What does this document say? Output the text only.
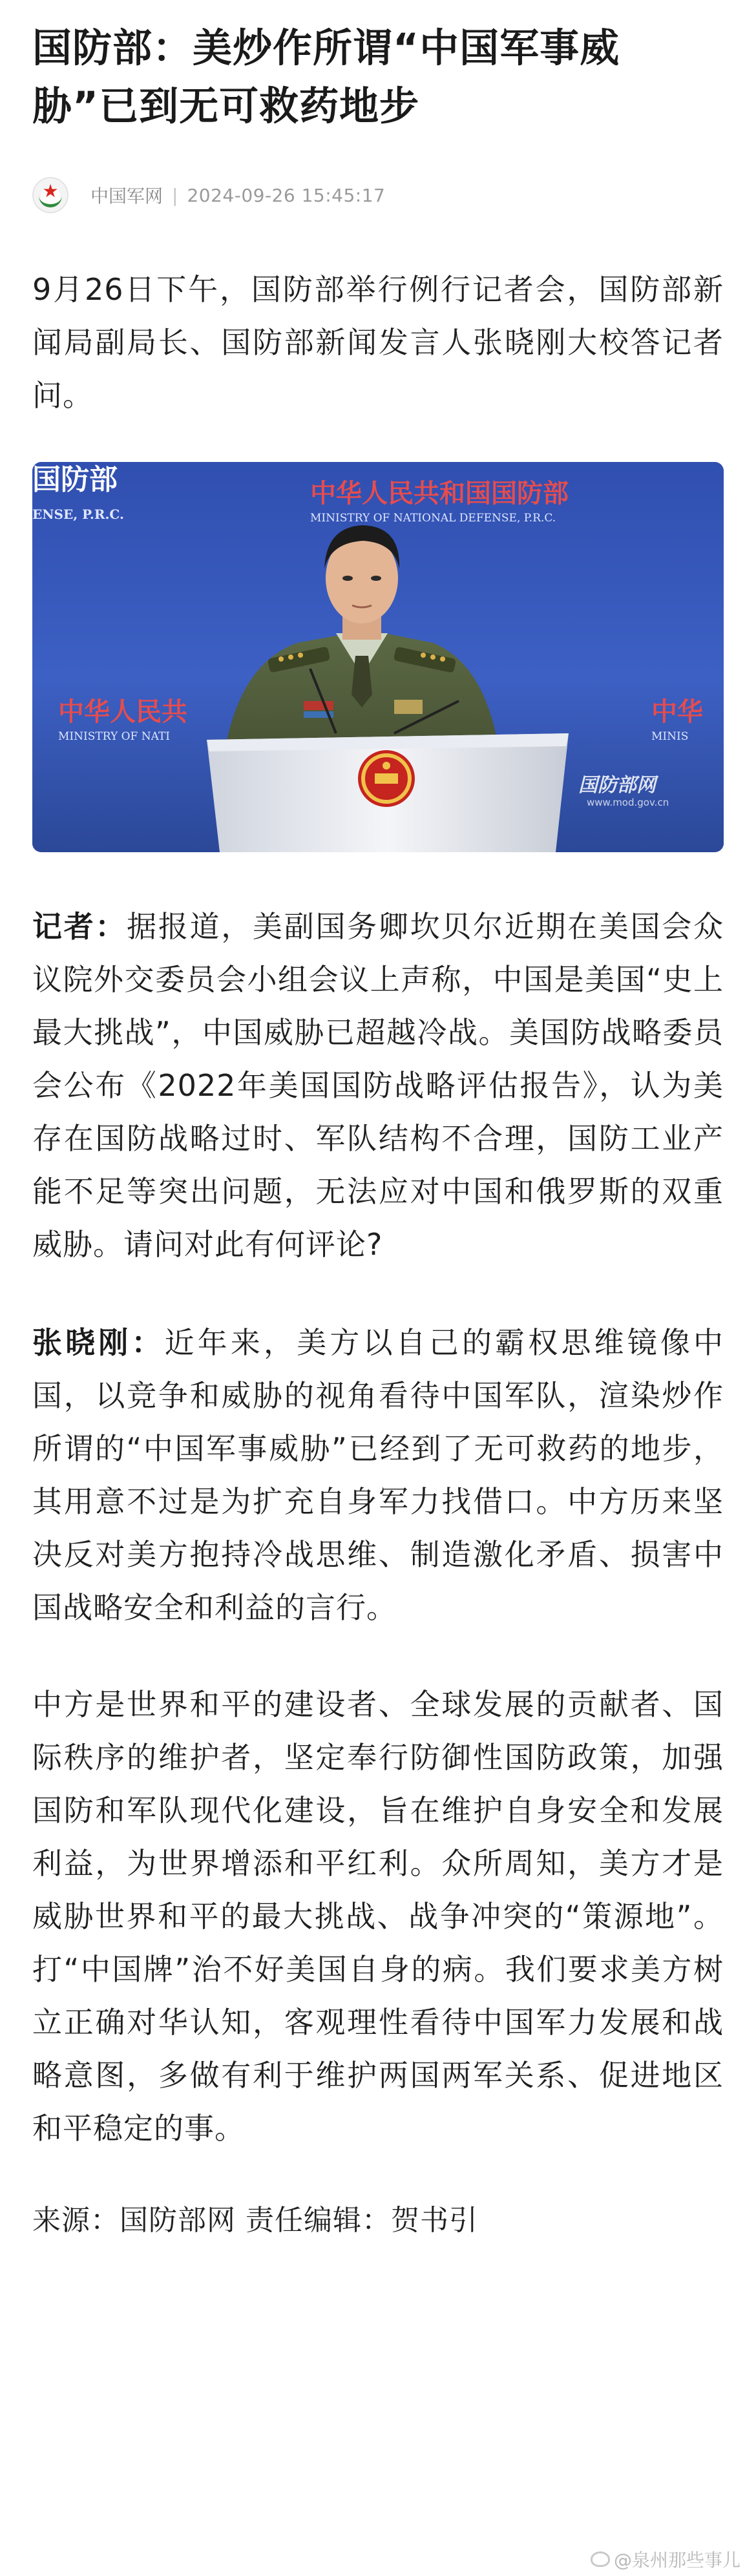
国防部：美炒作所谓“中国军事威胁”已到无可救药地步
★	中国军网 | 2024-09-26 15:45:17

9月26日下午，国防部举行例行记者会，国防部新闻局副局长、国防部新闻发言人张晓刚大校答记者问。

国防部
ENSE, P.R.C.
中华人民共和国国防部
MINISTRY OF NATIONAL DEFENSE, P.R.C.
中华人民共
MINISTRY OF NATI
中华
MINIS
国防部网
www.mod.gov.cn

记者：据报道，美副国务卿坎贝尔近期在美国会众议院外交委员会小组会议上声称，中国是美国“史上最大挑战”，中国威胁已超越冷战。美国防战略委员会公布《2022年美国国防战略评估报告》，认为美存在国防战略过时、军队结构不合理，国防工业产能不足等突出问题，无法应对中国和俄罗斯的双重威胁。请问对此有何评论?

张晓刚：近年来，美方以自己的霸权思维镜像中国，以竞争和威胁的视角看待中国军队，渲染炒作所谓的“中国军事威胁”已经到了无可救药的地步，其用意不过是为扩充自身军力找借口。中方历来坚决反对美方抱持冷战思维、制造激化矛盾、损害中国战略安全和利益的言行。

中方是世界和平的建设者、全球发展的贡献者、国际秩序的维护者，坚定奉行防御性国防政策，加强国防和军队现代化建设，旨在维护自身安全和发展利益，为世界增添和平红利。众所周知，美方才是威胁世界和平的最大挑战、战争冲突的“策源地”。打“中国牌”治不好美国自身的病。我们要求美方树立正确对华认知，客观理性看待中国军力发展和战略意图，多做有利于维护两国两军关系、促进地区和平稳定的事。

来源：国防部网 责任编辑：贺书引
@泉州那些事儿
